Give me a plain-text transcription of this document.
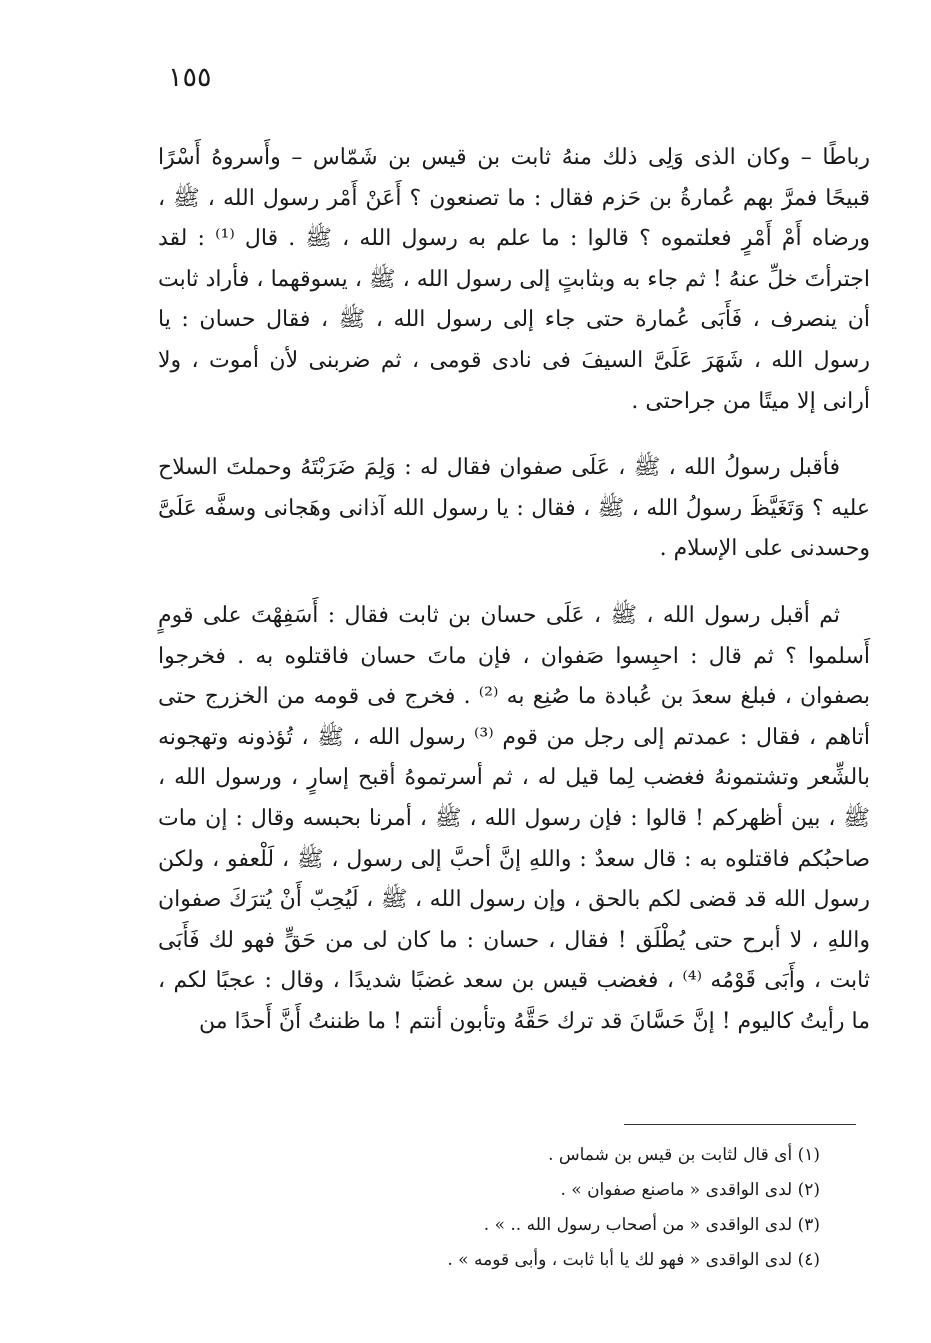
١٥٥

رباطًا – وكان الذى وَلِى ذلك منهُ ثابت بن قيس بن شَمّاس – وأَسروهُ أَسْرًا قبيحًا فمرَّ بهم عُمارةُ بن حَزم فقال : ما تصنعون ؟ أَعَنْ أَمْر رسول الله ، ﷺ ، ورضاه أَمْ أَمْرٍ فعلتموه ؟ قالوا : ما علم به رسول الله ، ﷺ . قال ⁽¹⁾ : لقد اجترأتَ خلِّ عنهُ ! ثم جاء به وبثابتٍ إلى رسول الله ، ﷺ ، يسوقهما ، فأراد ثابت أن ينصرف ، فَأَبَى عُمارة حتى جاء إلى رسول الله ، ﷺ ، فقال حسان : يا رسول الله ، شَهَرَ عَلَىَّ السيفَ فى نادى قومى ، ثم ضربنى لأن أموت ، ولا أرانى إلا ميتًا من جراحتى .

فأقبل رسولُ الله ، ﷺ ، عَلَى صفوان فقال له : وَلِمَ ضَرَبْتَهُ وحملتَ السلاح عليه ؟ وَتَغَيَّظَ رسولُ الله ، ﷺ ، فقال : يا رسول الله آذانى وهَجانى وسفَّه عَلَىَّ وحسدنى على الإسلام .

ثم أقبل رسول الله ، ﷺ ، عَلَى حسان بن ثابت فقال : أَسَفِهْتَ على قومٍ أَسلموا ؟ ثم قال : احبِسوا صَفوان ، فإن ماتَ حسان فاقتلوه به . فخرجوا بصفوان ، فبلغ سعدَ بن عُبادة ما صُنِع به ⁽²⁾ . فخرج فى قومه من الخزرج حتى أتاهم ، فقال : عمدتم إلى رجل من قوم ⁽³⁾ رسول الله ، ﷺ ، تُؤذونه وتهجونه بالشِّعر وتشتمونهُ فغضب لِما قيل له ، ثم أسرتموهُ أقبح إسارٍ ، ورسول الله ، ﷺ ، بين أظهركم ! قالوا : فإن رسول الله ، ﷺ ، أمرنا بحبسه وقال : إن مات صاحبُكم فاقتلوه به : قال سعدٌ : واللهِ إنَّ أحبَّ إلى رسول ، ﷺ ، لَلْعفو ، ولكن رسول الله قد قضى لكم بالحق ، وإن رسول الله ، ﷺ ، لَيُحِبّ أَنْ يُترَكَ صفوان واللهِ ، لا أبرح حتى يُطْلَق ! فقال ، حسان : ما كان لى من حَقٍّ فهو لك فَأَبَى ثابت ، وأَبَى قَوْمُه ⁽⁴⁾ ، فغضب قيس بن سعد غضبًا شديدًا ، وقال : عجبًا لكم ، ما رأيتُ كاليوم ! إنَّ حَسَّانَ قد ترك حَقَّهُ وتأبون أنتم ! ما ظننتُ أَنَّ أَحدًا من

(١) أى قال لثابت بن قيس بن شماس .

(٢) لدى الواقدى « ماصنع صفوان » .

(٣) لدى الواقدى « من أصحاب رسول الله .. » .

(٤) لدى الواقدى « فهو لك يا أبا ثابت ، وأبى قومه » .
